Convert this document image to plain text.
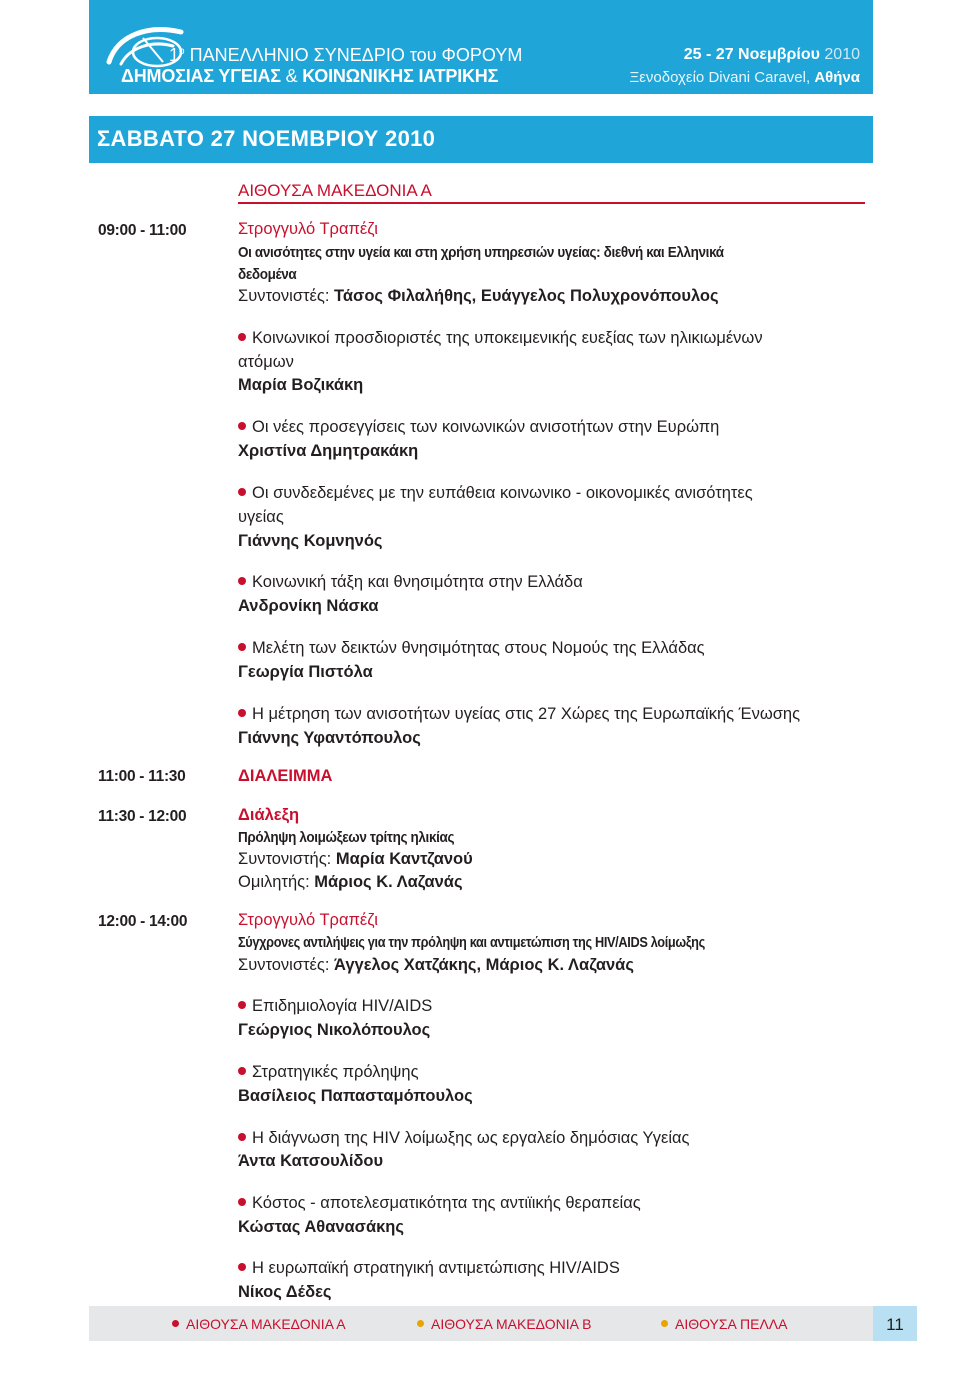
$1^o$ ΠΑΝΕΛΛΗΝΙΟ ΣΥΝΕΔΡΙΟ του ΦΟΡΟΥΜ
ΔΗΜΟΣΙΑΣ ΥΓΕΙΑΣ & ΚΟΙΝΩΝΙΚΗΣ ΙΑΤΡΙΚΗΣ
25 - 27 Νοεμβρίου 2010
Ξενοδοχείο Divani Caravel, Αθήνα
ΣΑΒΒΑΤΟ 27 ΝΟΕΜΒΡΙΟΥ 2010
ΑΙΘΟΥΣΑ ΜΑΚΕΔΟΝΙΑ Α
09:00 - 11:00	Στρογγυλό Τραπέζι
Οι ανισότητες στην υγεία και στη χρήση υπηρεσιών υγείας: διεθνή και Ελληνικά
δεδομένα
Συντονιστές: Τάσος Φιλαλήθης, Ευάγγελος Πολυχρονόπουλος
Κοινωνικοί προσδιοριστές της υποκειμενικής ευεξίας των ηλικιωμένων
ατόμων
Μαρία Βοζικάκη
Οι νέες προσεγγίσεις των κοινωνικών ανισοτήτων στην Ευρώπη
Χριστίνα Δημητρακάκη
Οι συνδεδεμένες με την ευπάθεια κοινωνικο - οικονομικές ανισότητες
υγείας
Γιάννης Κομνηνός
Κοινωνική τάξη και θνησιμότητα στην Ελλάδα
Ανδρονίκη Νάσκα
Μελέτη των δεικτών θνησιμότητας στους Νομούς της Ελλάδας
Γεωργία Πιστόλα
Η μέτρηση των ανισοτήτων υγείας στις 27 Χώρες της Ευρωπαϊκής Ένωσης
Γιάννης Υφαντόπουλος
11:00 - 11:30	ΔΙΑΛΕΙΜΜΑ
11:30 - 12:00	Διάλεξη
Πρόληψη λοιμώξεων τρίτης ηλικίας
Συντονιστής: Μαρία Καντζανού
Ομιλητής: Μάριος Κ. Λαζανάς
12:00 - 14:00	Στρογγυλό Τραπέζι
Σύγχρονες αντιλήψεις για την πρόληψη και αντιμετώπιση της HIV/AIDS λοίμωξης
Συντονιστές: Άγγελος Χατζάκης, Μάριος Κ. Λαζανάς
Επιδημιολογία HIV/AIDS
Γεώργιος Νικολόπουλος
Στρατηγικές πρόληψης
Βασίλειος Παπασταμόπουλος
Η διάγνωση της HIV λοίμωξης ως εργαλείο δημόσιας Υγείας
Άντα Κατσουλίδου
Κόστος - αποτελεσματικότητα της αντιϊικής θεραπείας
Κώστας Αθανασάκης
Η ευρωπαϊκή στρατηγική αντιμετώπισης HIV/AIDS
Νίκος Δέδες
ΑΙΘΟΥΣΑ ΜΑΚΕΔΟΝΙΑ Α	ΑΙΘΟΥΣΑ ΜΑΚΕΔΟΝΙΑ Β	ΑΙΘΟΥΣΑ ΠΕΛΛΑ	11
